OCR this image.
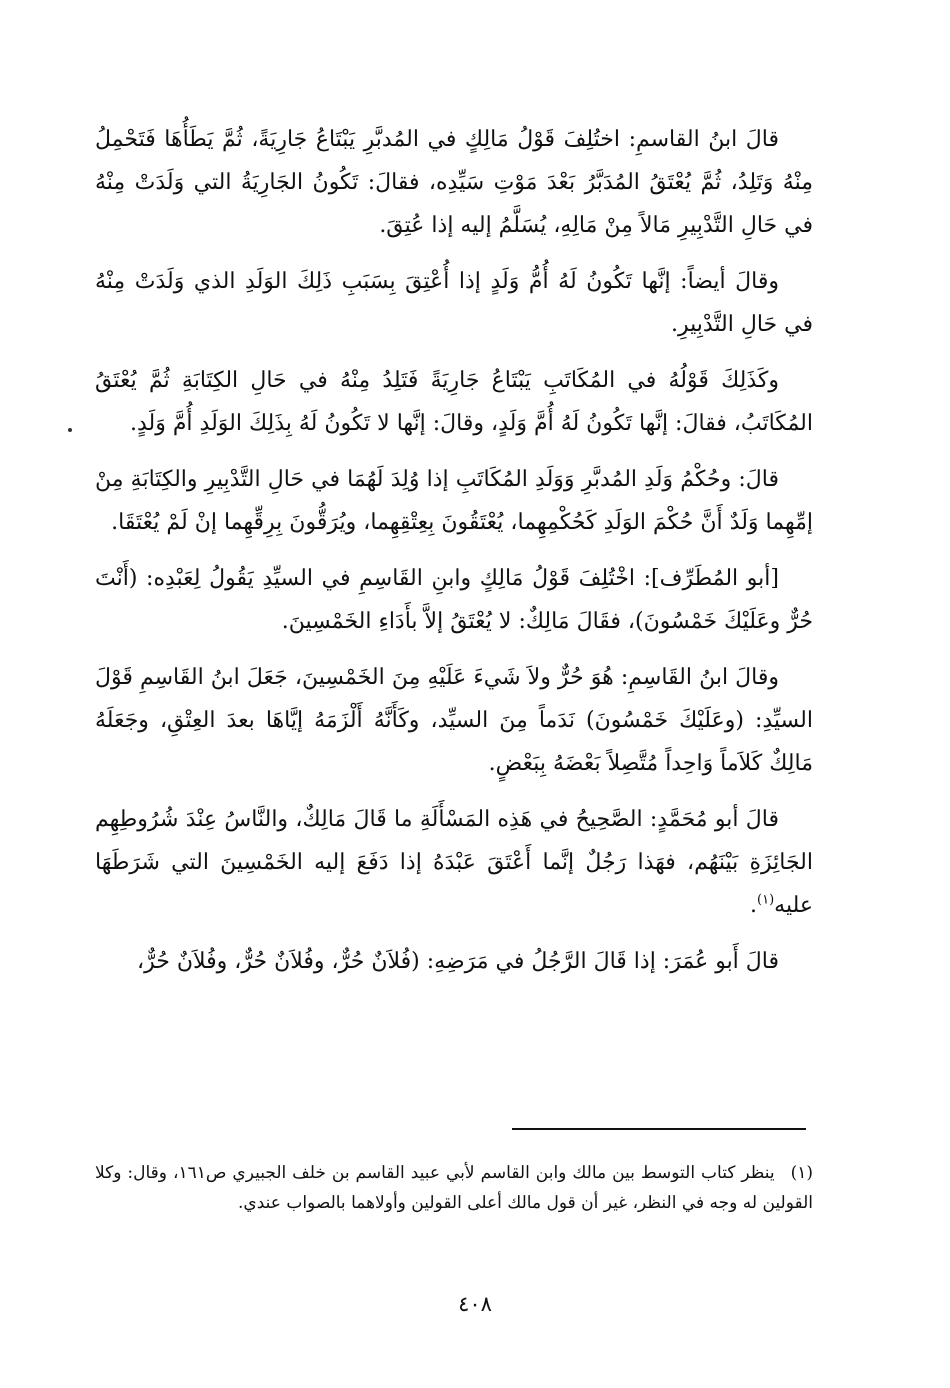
قالَ ابنُ القاسمِ: اختُلِفَ قَوْلُ مَالِكٍ في المُدبَّرِ يَبْتَاعُ جَارِيَةً، ثُمَّ يَطَأُهَا فَتَحْمِلُ مِنْهُ وَتَلِدُ، ثُمَّ يُعْتَقُ المُدَبَّرُ بَعْدَ مَوْتِ سَيِّدِه، فقالَ: تَكُونُ الجَارِيَةُ التي وَلَدَتْ مِنْهُ في حَالِ التَّدْبِيرِ مَالاً مِنْ مَالِهِ، يُسَلَّمُ إليه إذا عُتِقَ.

وقالَ أيضاً: إنَّها تَكُونُ لَهُ أُمُّ وَلَدٍ إذا أُعْتِقَ بِسَبَبِ ذَلِكَ الوَلَدِ الذي وَلَدَتْ مِنْهُ في حَالِ التَّدْبِيرِ.

وكَذَلِكَ قَوْلُهُ في المُكَاتَبِ يَبْتَاعُ جَارِيَةً فَتَلِدُ مِنْهُ في حَالِ الكِتَابَةِ ثُمَّ يُعْتَقُ المُكَاتَبُ، فقالَ: إنَّها تَكُونُ لَهُ أُمَّ وَلَدٍ، وقالَ: إنَّها لا تَكُونُ لَهُ بِذَلِكَ الوَلَدِ أُمَّ وَلَدٍ.

قالَ: وحُكْمُ وَلَدِ المُدبَّرِ وَوَلَدِ المُكَاتَبِ إذا وُلِدَ لَهُمَا في حَالِ التَّدْبِيرِ والكِتَابَةِ مِنْ إمِّهِما وَلَدٌ أَنَّ حُكْمَ الوَلَدِ كَحُكْمِهِما، يُعْتَقُونَ بِعِتْقِهِما، ويُرَقُّونَ بِرِقِّهِما إنْ لَمْ يُعْتَقَا.

[أبو المُطَرِّف]: اخْتُلِفَ قَوْلُ مَالِكٍ وابنِ القَاسِمِ في السيِّدِ يَقُولُ لِعَبْدِه: (أَنْتَ حُرٌّ وعَلَيْكَ خَمْسُونَ)، فقَالَ مَالِكٌ: لا يُعْتَقُ إلاَّ بأَدَاءِ الخَمْسِينَ.

وقالَ ابنُ القَاسِمِ: هُوَ حُرٌّ ولاَ شَيءَ عَلَيْهِ مِنَ الخَمْسِينَ، جَعَلَ ابنُ القَاسِمِ قَوْلَ السيِّدِ: (وعَلَيْكَ خَمْسُونَ) نَدَماً مِنَ السيِّد، وكَأَنَّهُ أَلْزَمَهُ إيَّاهَا بعدَ العِتْقِ، وجَعَلَهُ مَالِكٌ كَلاَماً وَاحِداً مُتَّصِلاً بَعْضَهُ بِبَعْضٍ.

قالَ أبو مُحَمَّدٍ: الصَّحِيحُ في هَذِه المَسْأَلَةِ ما قَالَ مَالِكٌ، والنَّاسُ عِنْدَ شُرُوطِهِم الجَائِزَةِ بَيْنَهُم، فهَذا رَجُلٌ إنَّما أَعْتَقَ عَبْدَهُ إذا دَفَعَ إليه الخَمْسِينَ التي شَرَطَهَا عليه$^{(١)}$.

قالَ أَبو عُمَرَ: إذا قَالَ الرَّجُلُ في مَرَضِهِ: (فُلاَنٌ حُرٌّ، وفُلاَنٌ حُرٌّ، وفُلاَنٌ حُرٌّ،

(١) ينظر كتاب التوسط بين مالك وابن القاسم لأبي عبيد القاسم بن خلف الجبيري ص١٦١، وقال: وكلا القولين له وجه في النظر، غير أن قول مالك أعلى القولين وأولاهما بالصواب عندي.
٤٠٨
